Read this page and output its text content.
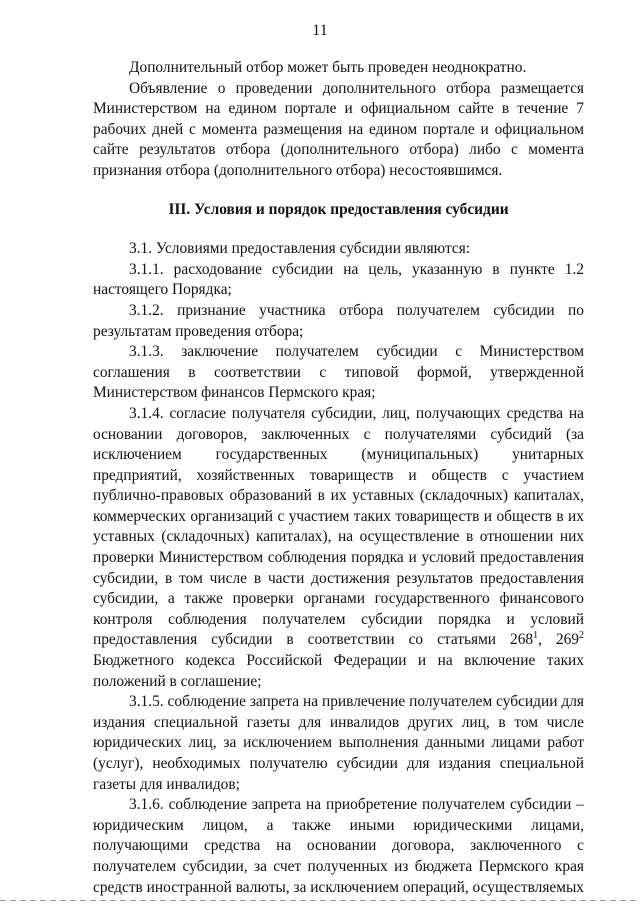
11

Дополнительный отбор может быть проведен неоднократно.

Объявление о проведении дополнительного отбора размещается Министерством на едином портале и официальном сайте в течение 7 рабочих дней с момента размещения на едином портале и официальном сайте результатов отбора (дополнительного отбора) либо с момента признания отбора (дополнительного отбора) несостоявшимся.

III. Условия и порядок предоставления субсидии

3.1. Условиями предоставления субсидии являются:

3.1.1. расходование субсидии на цель, указанную в пункте 1.2 настоящего Порядка;

3.1.2. признание участника отбора получателем субсидии по результатам проведения отбора;

3.1.3. заключение получателем субсидии с Министерством соглашения в соответствии с типовой формой, утвержденной Министерством финансов Пермского края;

3.1.4. согласие получателя субсидии, лиц, получающих средства на основании договоров, заключенных с получателями субсидий (за исключением государственных (муниципальных) унитарных предприятий, хозяйственных товариществ и обществ с участием публично-правовых образований в их уставных (складочных) капиталах, коммерческих организаций с участием таких товариществ и обществ в их уставных (складочных) капиталах), на осуществление в отношении них проверки Министерством соблюдения порядка и условий предоставления субсидии, в том числе в части достижения результатов предоставления субсидии, а также проверки органами государственного финансового контроля соблюдения получателем субсидии порядка и условий предоставления субсидии в соответствии со статьями $268^1$, $269^2$ Бюджетного кодекса Российской Федерации и на включение таких положений в соглашение;

3.1.5. соблюдение запрета на привлечение получателем субсидии для издания специальной газеты для инвалидов других лиц, в том числе юридических лиц, за исключением выполнения данными лицами работ (услуг), необходимых получателю субсидии для издания специальной газеты для инвалидов;

3.1.6. соблюдение запрета на приобретение получателем субсидии – юридическим лицом, а также иными юридическими лицами, получающими средства на основании договора, заключенного с получателем субсидии, за счет полученных из бюджета Пермского края средств иностранной валюты, за исключением операций, осуществляемых
